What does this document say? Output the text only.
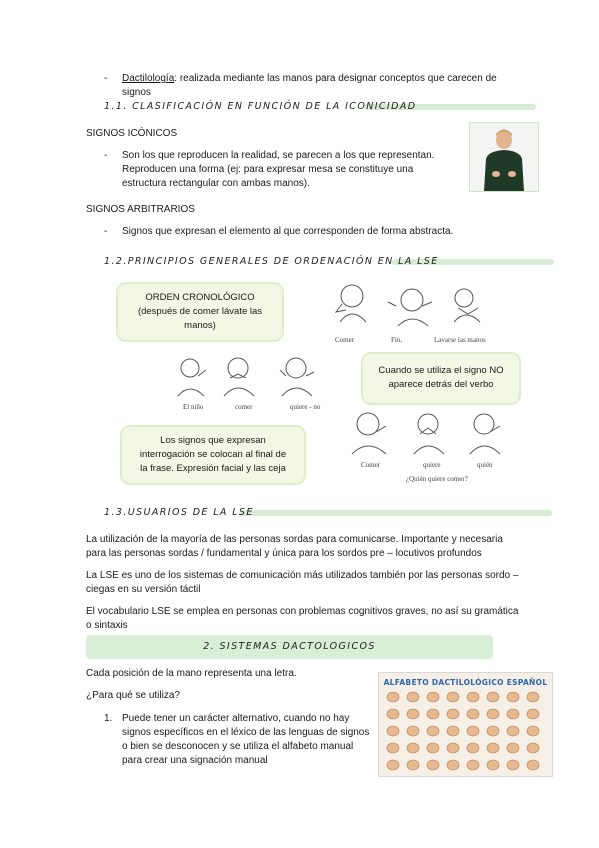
- Dactilología: realizada mediante las manos para designar conceptos que carecen de
signos
1.1. CLASIFICACIÓN EN FUNCIÓN DE LA ICONICIDAD
SIGNOS ICÓNICOS
- Son los que reproducen la realidad, se parecen a los que representan.
Reproducen una forma (ej: para expresar mesa se constituye una
estructura rectangular con ambas manos).
SIGNOS ARBITRARIOS
- Signos que expresan el elemento al que corresponden de forma abstracta.
1.2.PRINCIPIOS GENERALES DE ORDENACIÓN EN LA LSE
ORDEN CRONOLÓGICO
(después de comer lávate las
manos)
Comer	Fin,	Lavarse las manos
El niño	comer	quiere - no
Cuando se utiliza el signo NO
aparece detrás del verbo
Los signos que expresan
interrogación se colocan al final de
la frase. Expresión facial y las ceja	Comer	quiere	quién
¿Quién quiere comer?
1.3.USUARIOS DE LA LSE
La utilización de la mayoría de las personas sordas para comunicarse. Importante y necesaria
para las personas sordas / fundamental y única para los sordos pre – locutivos profundos
La LSE es uno de los sistemas de comunicación más utilizados también por las personas sordo –
ciegas en su versión táctil
El vocabulario LSE se emplea en personas con problemas cognitivos graves, no así su gramática
o sintaxis
2. SISTEMAS DACTOLOGICOS
Cada posición de la mano representa una letra.
¿Para qué se utiliza?
1. Puede tener un carácter alternativo, cuando no hay
signos específicos en el léxico de las lenguas de signos
o bien se desconocen y se utiliza el alfabeto manual
para crear una signación manual
ALFABETO DACTILOLÓGICO ESPAÑOL
